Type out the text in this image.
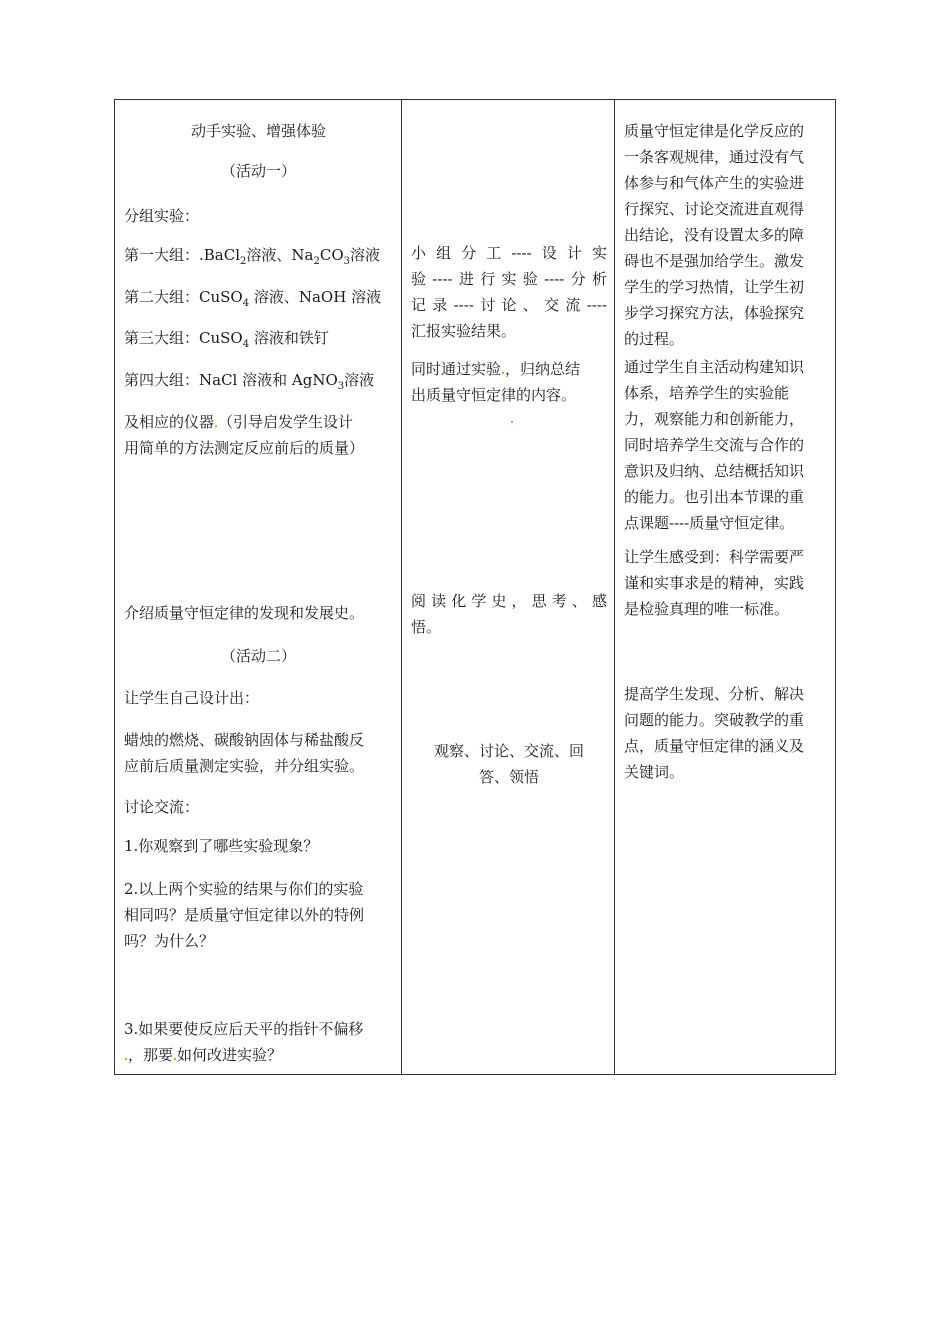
动手实验、增强体验

（活动一）

分组实验：

第一大组：.BaCl$_2$溶液、$Na_2CO_3$溶液

第二大组：CuSO$_4$ 溶液、NaOH 溶液

第三大组：CuSO$_4$ 溶液和铁钉

第四大组：NaCl 溶液和 AgNO$_3$溶液

及相应的仪器 （引导启发学生设计
用简单的方法测定反应前后的质量）

介绍质量守恒定律的发现和发展史。

（活动二）

让学生自己设计出：

蜡烛的燃烧、碳酸钠固体与稀盐酸反
应前后质量测定实验，并分组实验。

讨论交流：

1.你观察到了哪些实验现象？

2.以上两个实验的结果与你们的实验
相同吗？是质量守恒定律以外的特例
吗？为什么？

3.如果要使反应后天平的指针不偏移
，那要 如何改进实验？

小组分工----设计实
验----进行实验----分析
记录----讨论、交流----
汇报实验结果。
同时通过实验 ，归纳总结
出质量守恒定律的内容。
阅读化学史，思考、感
悟。
观察、讨论、交流、回
答、领悟
质量守恒定律是化学反应的
一条客观规律，通过没有气
体参与和气体产生的实验进
行探究、讨论交流进直观得
出结论，没有设置太多的障
碍也不是强加给学生。激发
学生的学习热情，让学生初
步学习探究方法，体验探究
的过程。
通过学生自主活动构建知识
体系，培养学生的实验能
力，观察能力和创新能力，
同时培养学生交流与合作的
意识及归纳、总结概括知识
的能力。也引出本节课的重
点课题----质量守恒定律。
让学生感受到：科学需要严
谨和实事求是的精神，实践
是检验真理的唯一标准。
提高学生发现、分析、解决
问题的能力。突破教学的重
点，质量守恒定律的涵义及
关键词。
